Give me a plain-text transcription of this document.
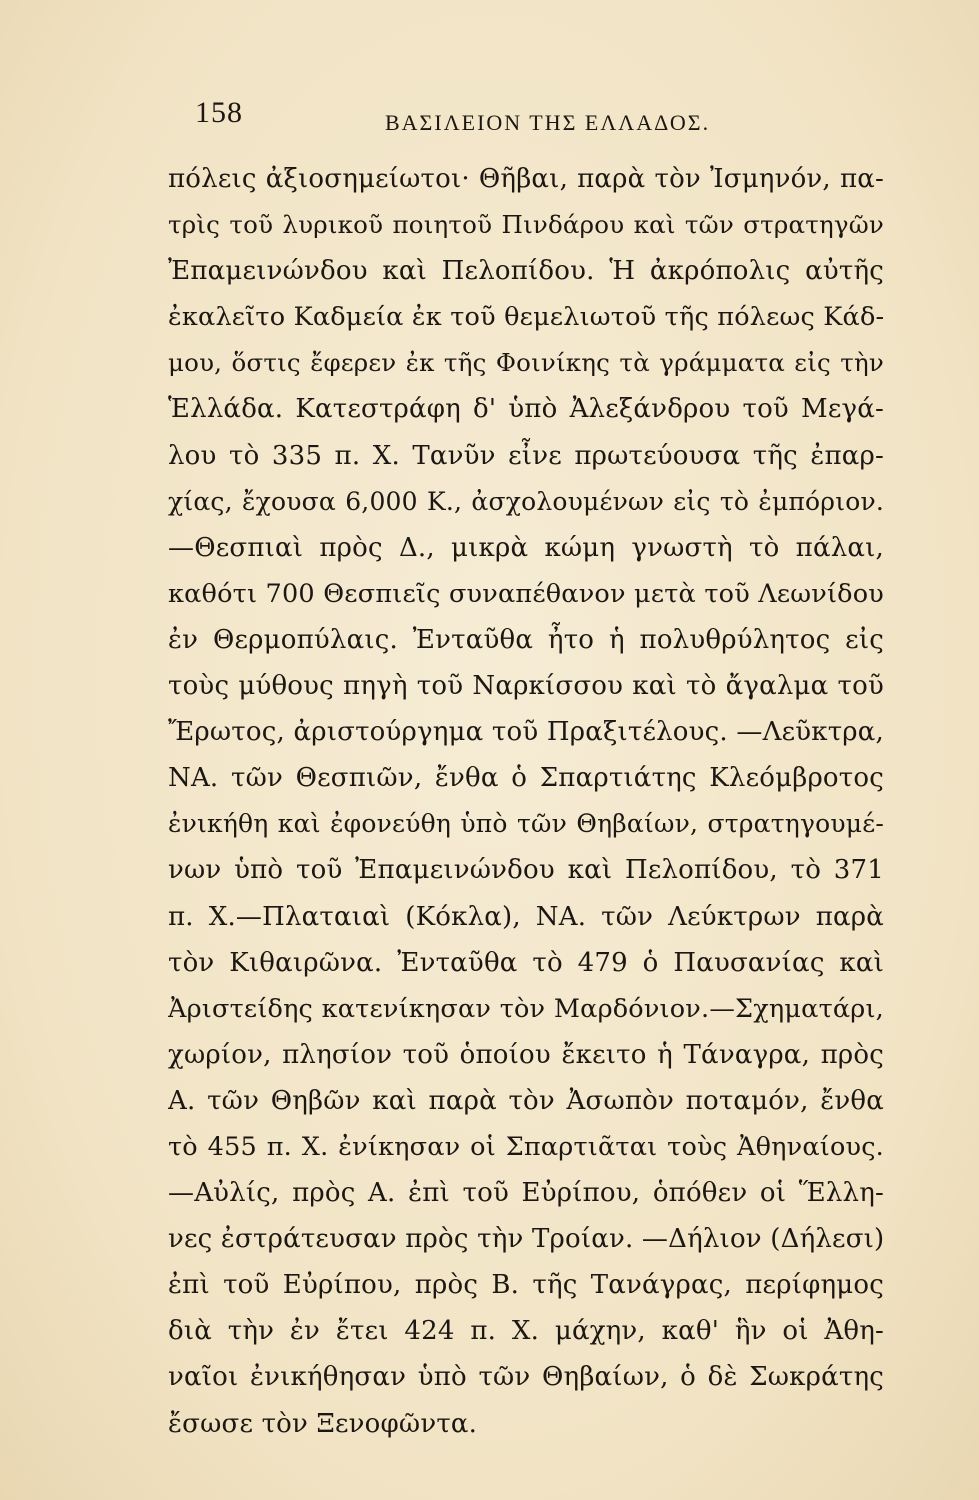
158	ΒΑΣΙΛΕΙΟΝ ΤΗΣ ΕΛΛΑΔΟΣ.
πόλεις ἀξιοσημείωτοι· Θῆβαι, παρὰ τὸν Ἰσμηνόν, πα-
τρὶς τοῦ λυρικοῦ ποιητοῦ Πινδάρου καὶ τῶν στρατηγῶν
Ἐπαμεινώνδου καὶ Πελοπίδου. Ἡ ἀκρόπολις αὐτῆς
ἐκαλεῖτο Καδμεία ἐκ τοῦ θεμελιωτοῦ τῆς πόλεως Κάδ-
μου, ὅστις ἔφερεν ἐκ τῆς Φοινίκης τὰ γράμματα εἰς τὴν
Ἑλλάδα. Κατεστράφη δ' ὑπὸ Ἀλεξάνδρου τοῦ Μεγά-
λου τὸ 335 π. Χ. Τανῦν εἶνε πρωτεύουσα τῆς ἐπαρ-
χίας, ἔχουσα 6,000 Κ., ἀσχολουμένων εἰς τὸ ἐμπόριον.
—Θεσπιαὶ πρὸς Δ., μικρὰ κώμη γνωστὴ τὸ πάλαι,
καθότι 700 Θεσπιεῖς συναπέθανον μετὰ τοῦ Λεωνίδου
ἐν Θερμοπύλαις. Ἐνταῦθα ἦτο ἡ πολυθρύλητος εἰς
τοὺς μύθους πηγὴ τοῦ Ναρκίσσου καὶ τὸ ἄγαλμα τοῦ
Ἔρωτος, ἀριστούργημα τοῦ Πραξιτέλους. —Λεῦκτρα,
ΝΑ. τῶν Θεσπιῶν, ἔνθα ὁ Σπαρτιάτης Κλεόμβροτος
ἐνικήθη καὶ ἐφονεύθη ὑπὸ τῶν Θηβαίων, στρατηγουμέ-
νων ὑπὸ τοῦ Ἐπαμεινώνδου καὶ Πελοπίδου, τὸ 371
π. Χ.—Πλαταιαὶ (Κόκλα), ΝΑ. τῶν Λεύκτρων παρὰ
τὸν Κιθαιρῶνα. Ἐνταῦθα τὸ 479 ὁ Παυσανίας καὶ
Ἀριστείδης κατενίκησαν τὸν Μαρδόνιον.—Σχηματάρι,
χωρίον, πλησίον τοῦ ὁποίου ἔκειτο ἡ Τάναγρα, πρὸς
Α. τῶν Θηβῶν καὶ παρὰ τὸν Ἀσωπὸν ποταμόν, ἔνθα
τὸ 455 π. Χ. ἐνίκησαν οἱ Σπαρτιᾶται τοὺς Ἀθηναίους.
—Αὐλίς, πρὸς Α. ἐπὶ τοῦ Εὐρίπου, ὁπόθεν οἱ Ἕλλη-
νες ἐστράτευσαν πρὸς τὴν Τροίαν. —Δήλιον (Δήλεσι)
ἐπὶ τοῦ Εὐρίπου, πρὸς Β. τῆς Τανάγρας, περίφημος
διὰ τὴν ἐν ἔτει 424 π. Χ. μάχην, καθ' ἣν οἱ Ἀθη-
ναῖοι ἐνικήθησαν ὑπὸ τῶν Θηβαίων, ὁ δὲ Σωκράτης
ἔσωσε τὸν Ξενοφῶντα.
